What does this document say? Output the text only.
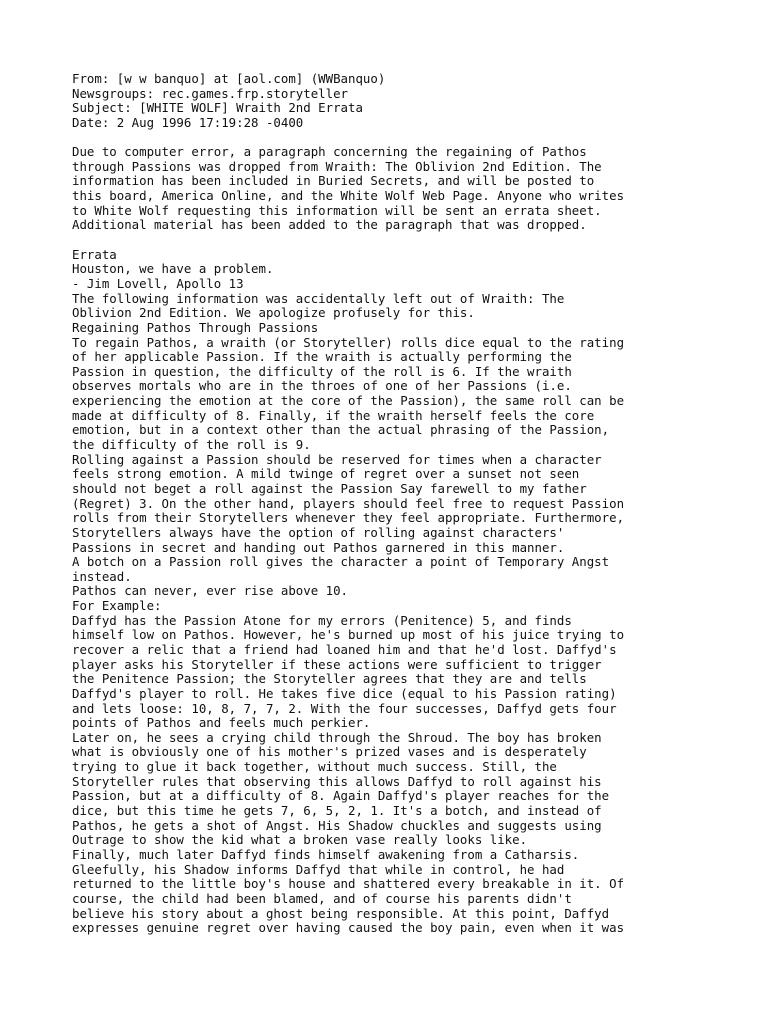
From: [w w banquo] at [aol.com] (WWBanquo)
Newsgroups: rec.games.frp.storyteller
Subject: [WHITE WOLF] Wraith 2nd Errata
Date: 2 Aug 1996 17:19:28 -0400
Due to computer error, a paragraph concerning the regaining of Pathos
through Passions was dropped from Wraith: The Oblivion 2nd Edition. The
information has been included in Buried Secrets, and will be posted to
this board, America Online, and the White Wolf Web Page. Anyone who writes
to White Wolf requesting this information will be sent an errata sheet.
Additional material has been added to the paragraph that was dropped.
Errata
Houston, we have a problem.
- Jim Lovell, Apollo 13
The following information was accidentally left out of Wraith: The
Oblivion 2nd Edition. We apologize profusely for this.
Regaining Pathos Through Passions
To regain Pathos, a wraith (or Storyteller) rolls dice equal to the rating
of her applicable Passion. If the wraith is actually performing the
Passion in question, the difficulty of the roll is 6. If the wraith
observes mortals who are in the throes of one of her Passions (i.e.
experiencing the emotion at the core of the Passion), the same roll can be
made at difficulty of 8. Finally, if the wraith herself feels the core
emotion, but in a context other than the actual phrasing of the Passion,
the difficulty of the roll is 9.
Rolling against a Passion should be reserved for times when a character
feels strong emotion. A mild twinge of regret over a sunset not seen
should not beget a roll against the Passion Say farewell to my father
(Regret) 3. On the other hand, players should feel free to request Passion
rolls from their Storytellers whenever they feel appropriate. Furthermore,
Storytellers always have the option of rolling against characters'
Passions in secret and handing out Pathos garnered in this manner.
A botch on a Passion roll gives the character a point of Temporary Angst
instead.
Pathos can never, ever rise above 10.
For Example:
Daffyd has the Passion Atone for my errors (Penitence) 5, and finds
himself low on Pathos. However, he's burned up most of his juice trying to
recover a relic that a friend had loaned him and that he'd lost. Daffyd's
player asks his Storyteller if these actions were sufficient to trigger
the Penitence Passion; the Storyteller agrees that they are and tells
Daffyd's player to roll. He takes five dice (equal to his Passion rating)
and lets loose: 10, 8, 7, 7, 2. With the four successes, Daffyd gets four
points of Pathos and feels much perkier.
Later on, he sees a crying child through the Shroud. The boy has broken
what is obviously one of his mother's prized vases and is desperately
trying to glue it back together, without much success. Still, the
Storyteller rules that observing this allows Daffyd to roll against his
Passion, but at a difficulty of 8. Again Daffyd's player reaches for the
dice, but this time he gets 7, 6, 5, 2, 1. It's a botch, and instead of
Pathos, he gets a shot of Angst. His Shadow chuckles and suggests using
Outrage to show the kid what a broken vase really looks like.
Finally, much later Daffyd finds himself awakening from a Catharsis.
Gleefully, his Shadow informs Daffyd that while in control, he had
returned to the little boy's house and shattered every breakable in it. Of
course, the child had been blamed, and of course his parents didn't
believe his story about a ghost being responsible. At this point, Daffyd
expresses genuine regret over having caused the boy pain, even when it was
